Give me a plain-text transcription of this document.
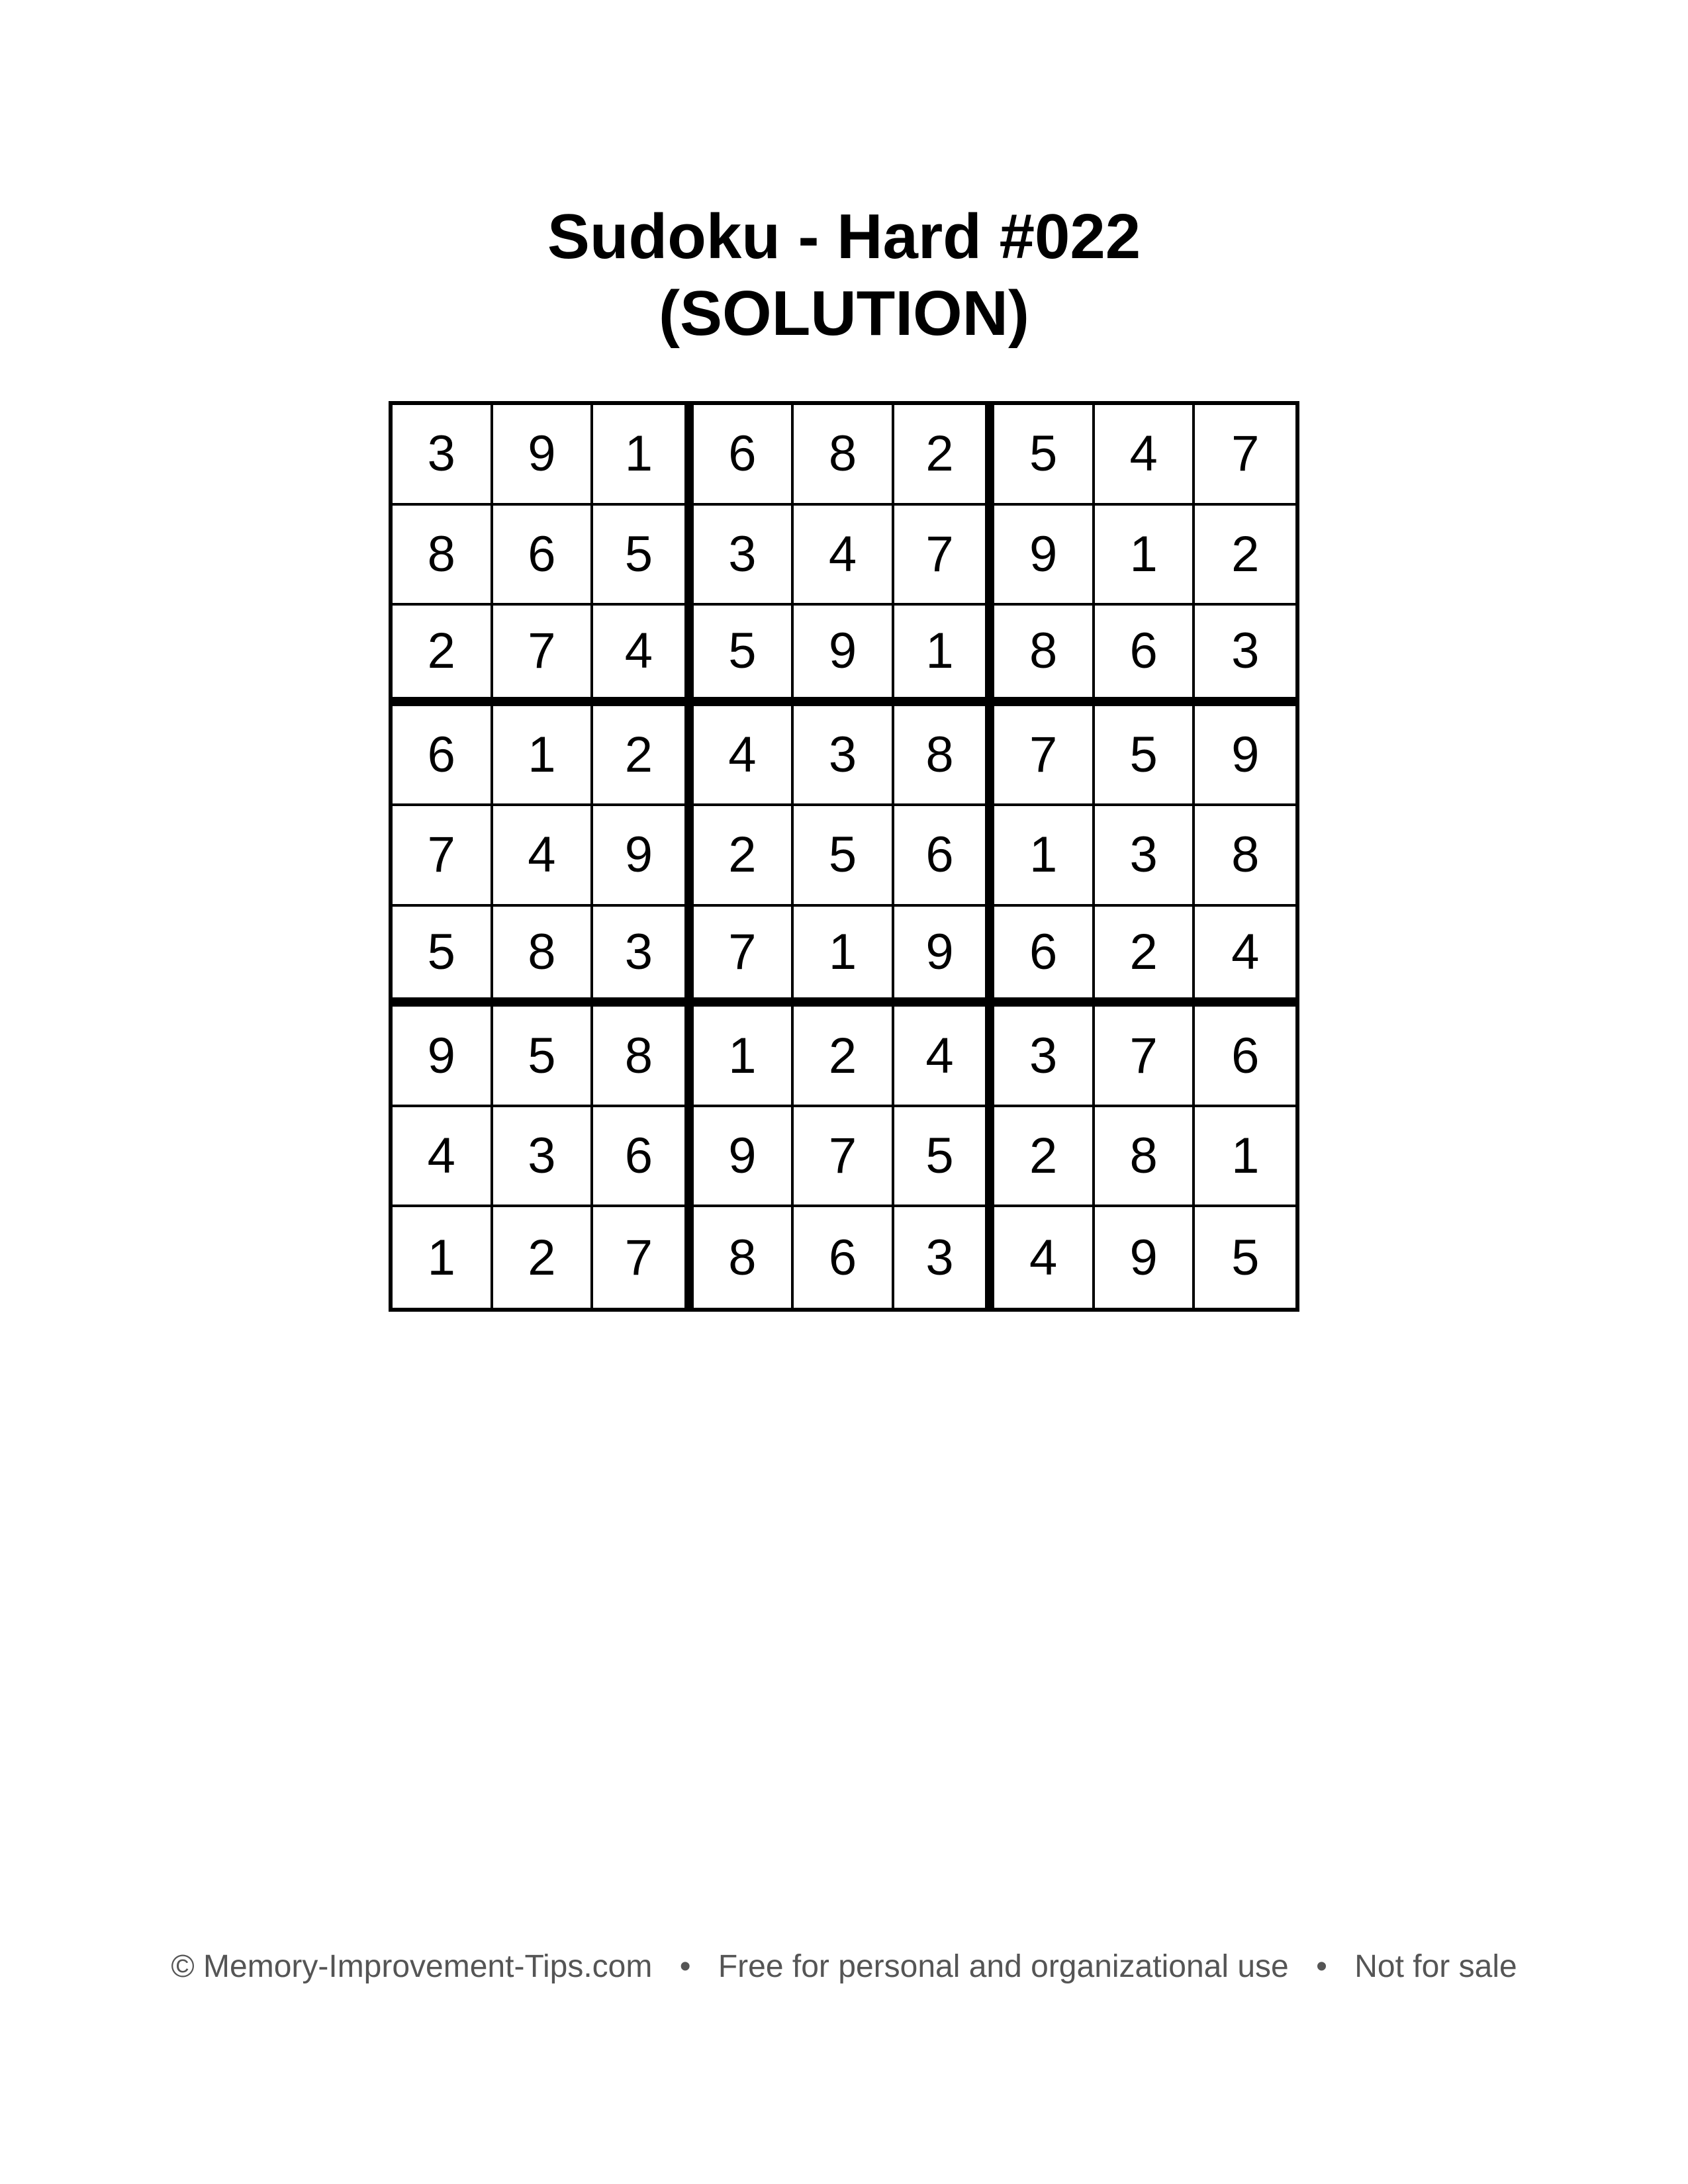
Sudoku - Hard #022
(SOLUTION)
3	9	1	6	8	2	5	4	7
8	6	5	3	4	7	9	1	2
2	7	4	5	9	1	8	6	3
6	1	2	4	3	8	7	5	9
7	4	9	2	5	6	1	3	8
5	8	3	7	1	9	6	2	4
9	5	8	1	2	4	3	7	6
4	3	6	9	7	5	2	8	1
1	2	7	8	6	3	4	9	5
© Memory-Improvement-Tips.com • Free for personal and organizational use • Not for sale
